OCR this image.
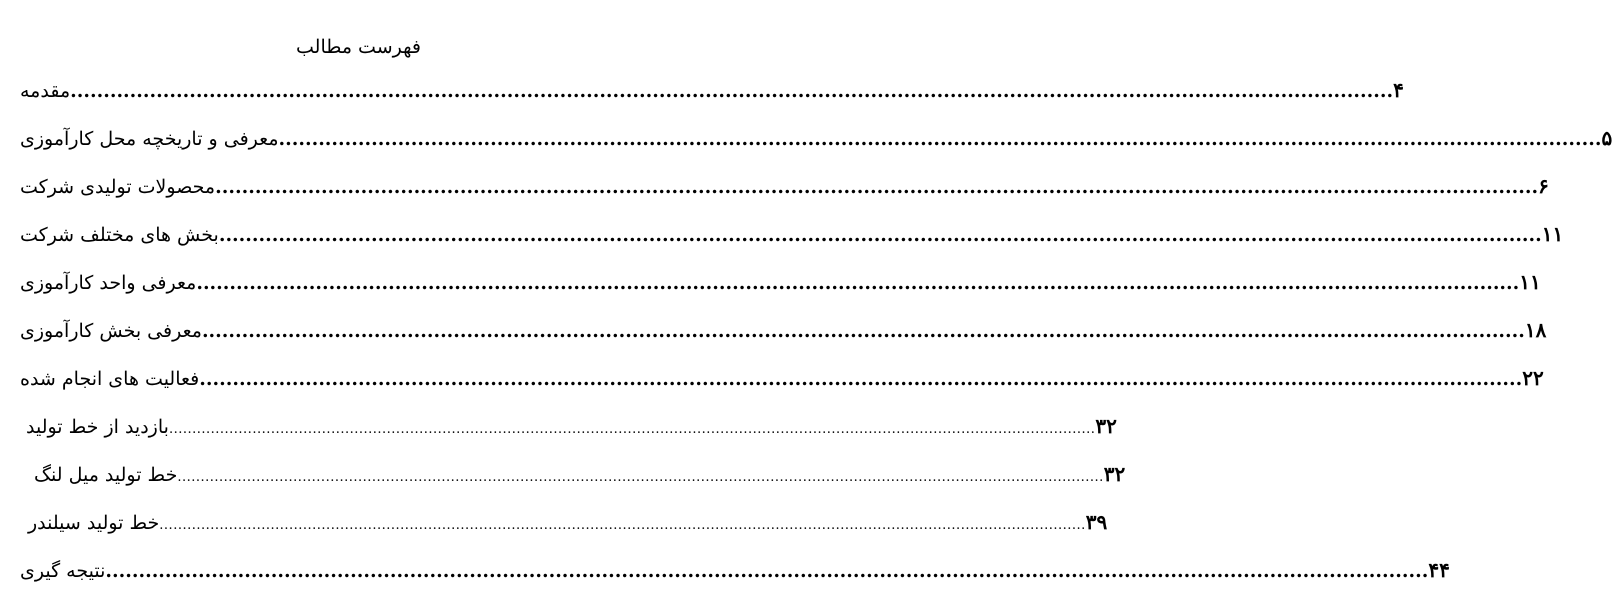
فهرست مطالب
مقدمه ........................................................................................................................................................................................................ ۴
معرفی و تاریخچه محل کارآموزی ........................................................................................................................................................................................................ ۵
محصولات تولیدی شرکت ........................................................................................................................................................................................................ ۶
بخش های مختلف شرکت ........................................................................................................................................................................................................ ۱۱
معرفی واحد کارآموزی ........................................................................................................................................................................................................ ۱۱
معرفی بخش کارآموزی ........................................................................................................................................................................................................ ۱۸
فعالیت های انجام شده ........................................................................................................................................................................................................ ۲۲
بازدید از خط تولید ........................................................................................................................................................................................................ ۳۲
خط تولید میل لنگ ........................................................................................................................................................................................................ ۳۲
خط تولید سیلندر ........................................................................................................................................................................................................ ۳۹
نتیجه گیری ........................................................................................................................................................................................................ ۴۴
